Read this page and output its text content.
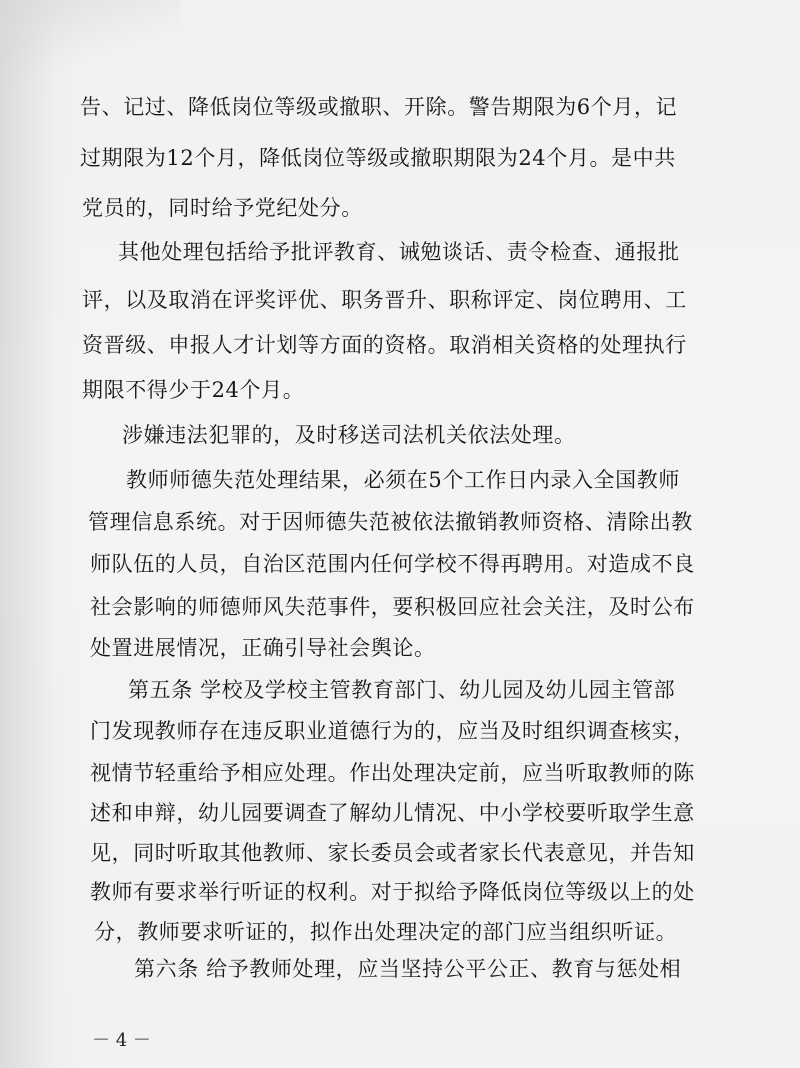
告、记过、降低岗位等级或撤职、开除。警告期限为6个月，记
过期限为12个月，降低岗位等级或撤职期限为24个月。是中共
党员的，同时给予党纪处分。
其他处理包括给予批评教育、诫勉谈话、责令检查、通报批
评，以及取消在评奖评优、职务晋升、职称评定、岗位聘用、工
资晋级、申报人才计划等方面的资格。取消相关资格的处理执行
期限不得少于24个月。
涉嫌违法犯罪的，及时移送司法机关依法处理。
教师师德失范处理结果，必须在5个工作日内录入全国教师
管理信息系统。对于因师德失范被依法撤销教师资格、清除出教
师队伍的人员，自治区范围内任何学校不得再聘用。对造成不良
社会影响的师德师风失范事件，要积极回应社会关注，及时公布
处置进展情况，正确引导社会舆论。
第五条 学校及学校主管教育部门、幼儿园及幼儿园主管部
门发现教师存在违反职业道德行为的，应当及时组织调查核实，
视情节轻重给予相应处理。作出处理决定前，应当听取教师的陈
述和申辩，幼儿园要调查了解幼儿情况、中小学校要听取学生意
见，同时听取其他教师、家长委员会或者家长代表意见，并告知
教师有要求举行听证的权利。对于拟给予降低岗位等级以上的处
分，教师要求听证的，拟作出处理决定的部门应当组织听证。
第六条 给予教师处理，应当坚持公平公正、教育与惩处相
－ 4 －
